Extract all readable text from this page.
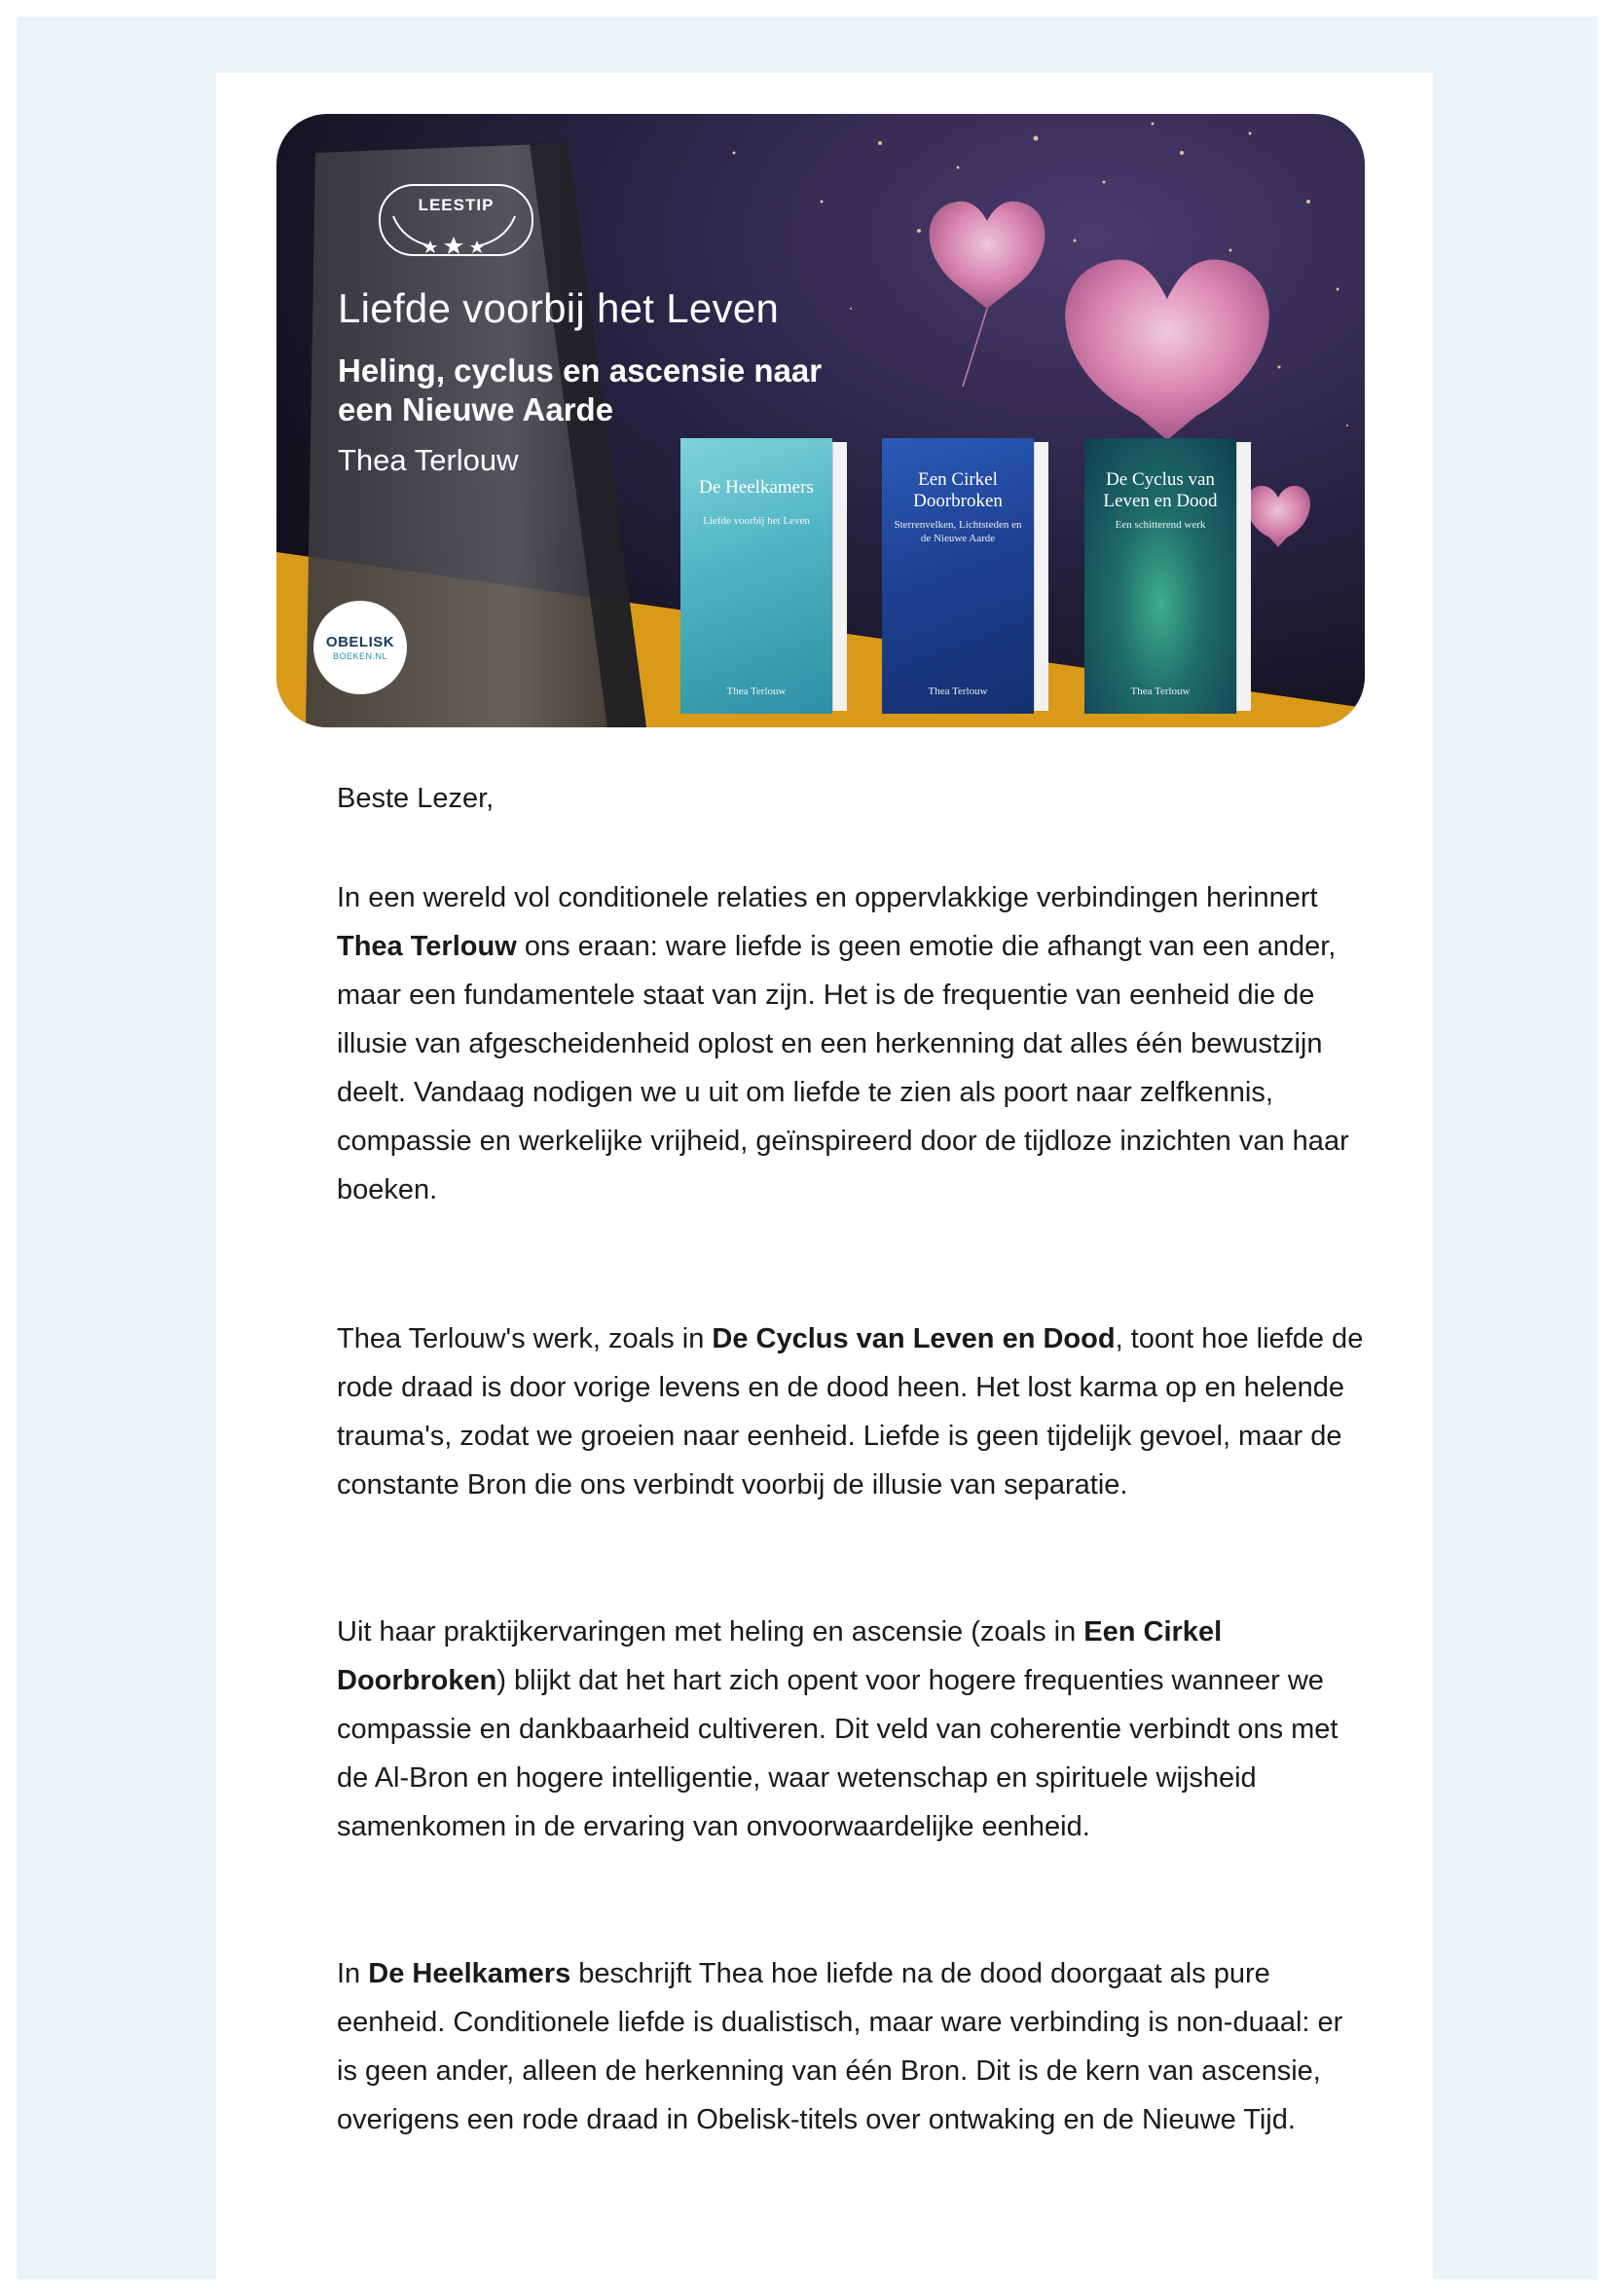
LEESTIP
Liefde voorbij het Leven
Heling, cyclus en ascensie naar een Nieuwe Aarde
Thea Terlouw
OBELISK
BOEKEN.NL
De Heelkamers
Liefde voorbij het Leven
Thea Terlouw
Een Cirkel Doorbroken
Sterrenvelken, Lichtsteden en de Nieuwe Aarde
Thea Terlouw
De Cyclus van Leven en Dood
Een schitterend werk
Thea Terlouw
Beste Lezer,
In een wereld vol conditionele relaties en oppervlakkige verbindingen herinnert Thea Terlouw ons eraan: ware liefde is geen emotie die afhangt van een ander, maar een fundamentele staat van zijn. Het is de frequentie van eenheid die de illusie van afgescheidenheid oplost en een herkenning dat alles één bewustzijn deelt. Vandaag nodigen we u uit om liefde te zien als poort naar zelfkennis, compassie en werkelijke vrijheid, geïnspireerd door de tijdloze inzichten van haar boeken.
Thea Terlouw's werk, zoals in De Cyclus van Leven en Dood, toont hoe liefde de rode draad is door vorige levens en de dood heen. Het lost karma op en helende trauma's, zodat we groeien naar eenheid. Liefde is geen tijdelijk gevoel, maar de constante Bron die ons verbindt voorbij de illusie van separatie.
Uit haar praktijkervaringen met heling en ascensie (zoals in Een Cirkel Doorbroken) blijkt dat het hart zich opent voor hogere frequenties wanneer we compassie en dankbaarheid cultiveren. Dit veld van coherentie verbindt ons met de Al-Bron en hogere intelligentie, waar wetenschap en spirituele wijsheid samenkomen in de ervaring van onvoorwaardelijke eenheid.
In De Heelkamers beschrijft Thea hoe liefde na de dood doorgaat als pure eenheid. Conditionele liefde is dualistisch, maar ware verbinding is non-duaal: er is geen ander, alleen de herkenning van één Bron. Dit is de kern van ascensie, overigens een rode draad in Obelisk-titels over ontwaking en de Nieuwe Tijd.
